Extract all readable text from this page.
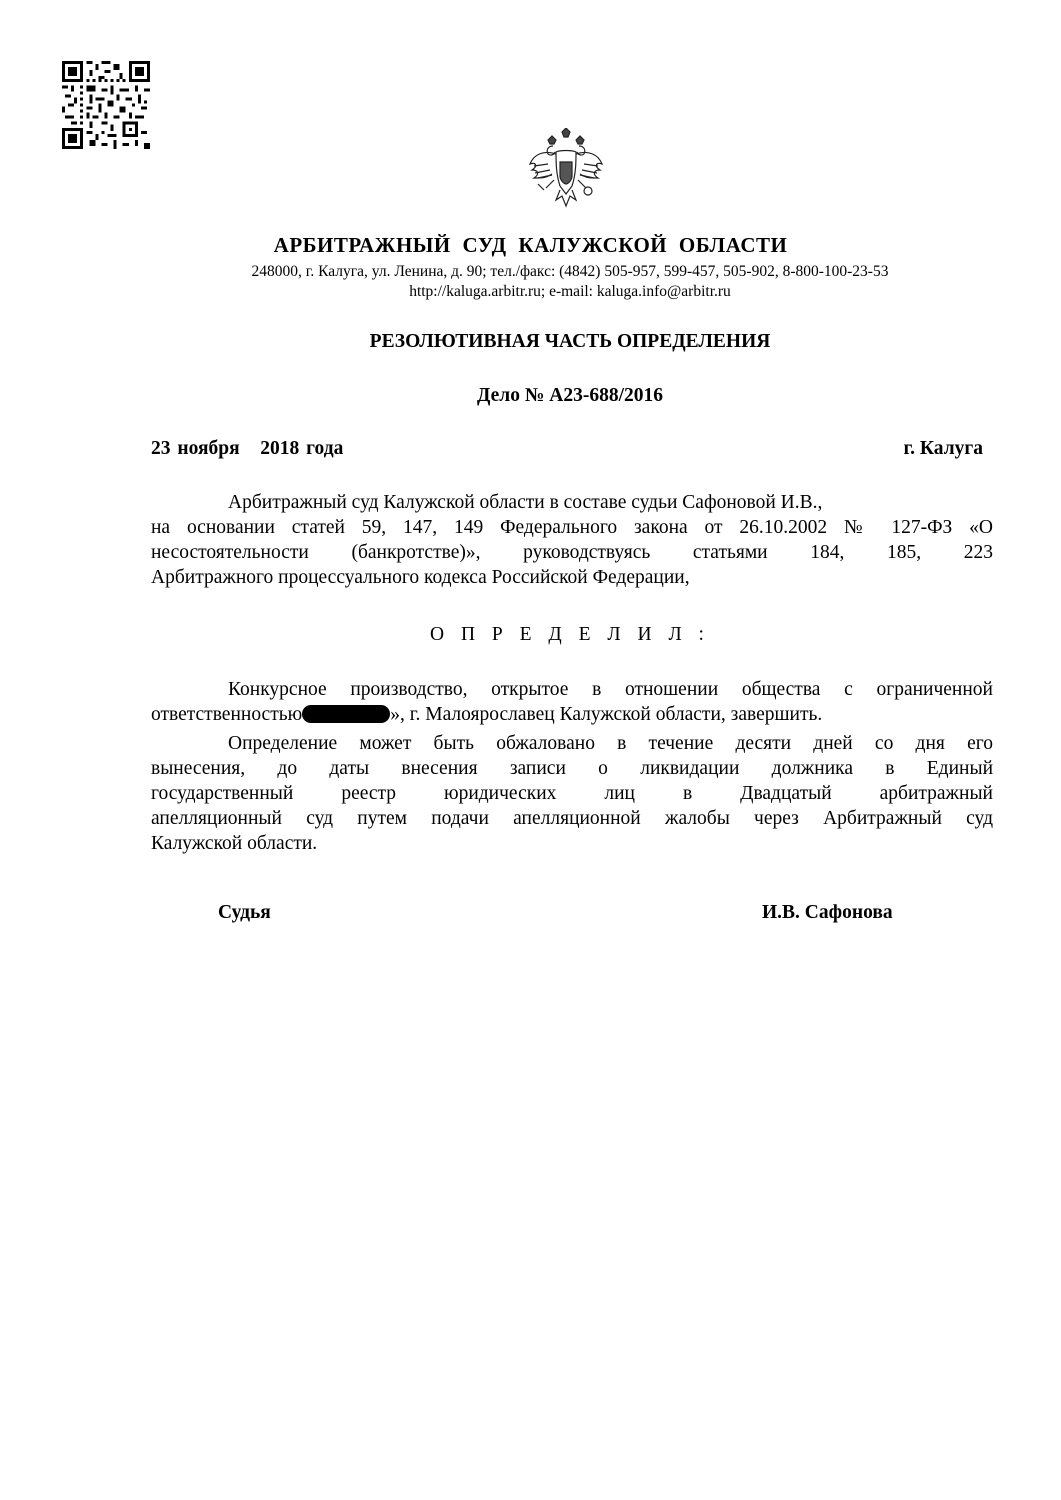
АРБИТРАЖНЫЙ СУД КАЛУЖСКОЙ ОБЛАСТИ
248000, г. Калуга, ул. Ленина, д. 90; тел./факс: (4842) 505-957, 599-457, 505-902, 8-800-100-23-53
http://kaluga.arbitr.ru; e-mail: kaluga.info@arbitr.ru
РЕЗОЛЮТИВНАЯ ЧАСТЬ ОПРЕДЕЛЕНИЯ
Дело № А23-688/2016
23 ноября   2018 года	г. Калуга
Арбитражный суд Калужской области в составе судьи Сафоновой И.В.,
на основании статей 59, 147, 149 Федерального закона от 26.10.2002 № 127-ФЗ «О
несостоятельности (банкротстве)», руководствуясь статьями 184, 185, 223
Арбитражного процессуального кодекса Российской Федерации,
О П Р Е Д Е Л И Л :
Конкурсное производство, открытое в отношении общества с ограниченной
ответственностью	», г. Малоярославец Калужской области, завершить.
Определение может быть обжаловано в течение десяти дней со дня его
вынесения, до даты внесения записи о ликвидации должника в Единый
государственный реестр юридических лиц в Двадцатый арбитражный
апелляционный суд путем подачи апелляционной жалобы через Арбитражный суд
Калужской области.
Судья	И.В. Сафонова
